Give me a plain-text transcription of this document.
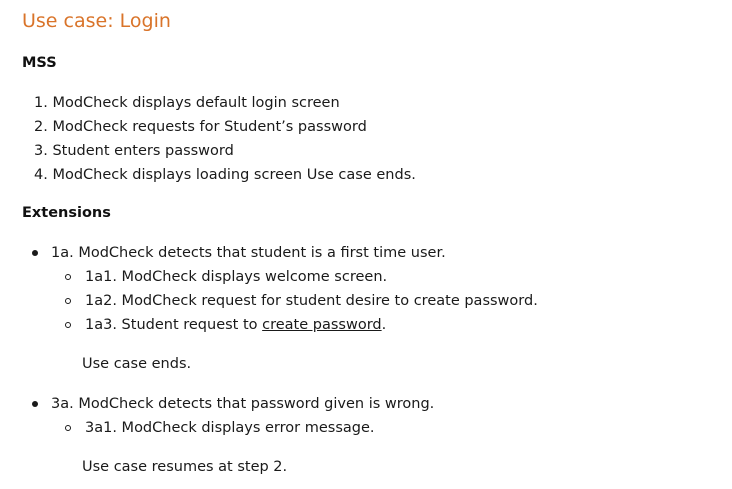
Use case: Login
MSS
1. ModCheck displays default login screen
2. ModCheck requests for Student’s password
3. Student enters password
4. ModCheck displays loading screen Use case ends.
Extensions
1a. ModCheck detects that student is a first time user.
1a1. ModCheck displays welcome screen.
1a2. ModCheck request for student desire to create password.
1a3. Student request to create password.
Use case ends.
3a. ModCheck detects that password given is wrong.
3a1. ModCheck displays error message.
Use case resumes at step 2.
